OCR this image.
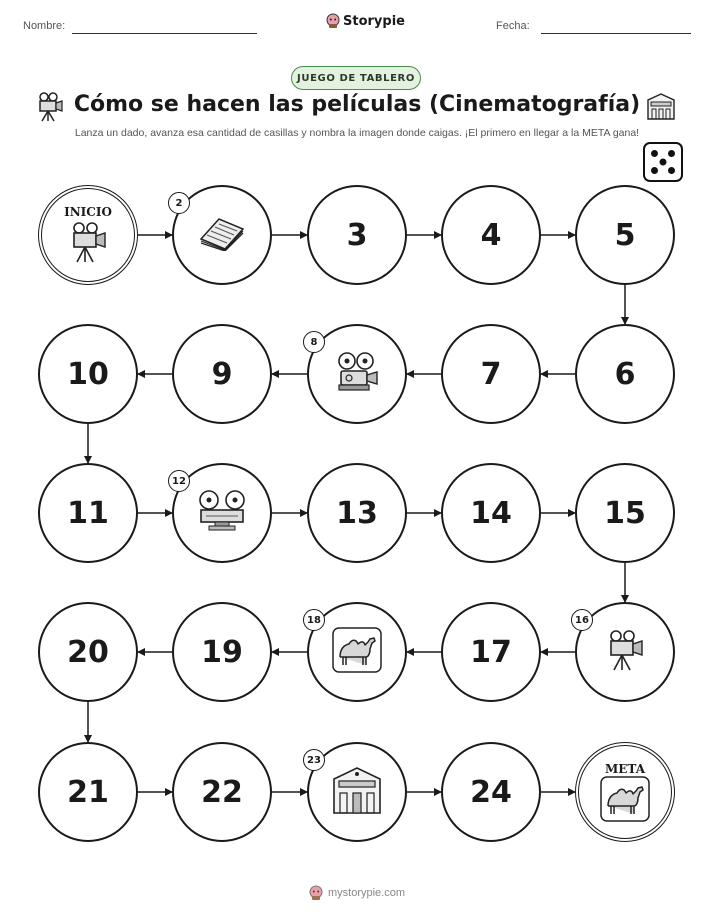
Nombre:	Storypie	Fecha:
JUEGO DE TABLERO
Cómo se hacen las películas (Cinematografía)
Lanza un dado, avanza esa cantidad de casillas y nombra la imagen donde caigas. ¡El primero en llegar a la META gana!
INICIO
2
3	4	5
6
7
8
9
10
11
12
13	14	15
16
17
18
19
20
21	22
23
24
META
mystorypie.com
